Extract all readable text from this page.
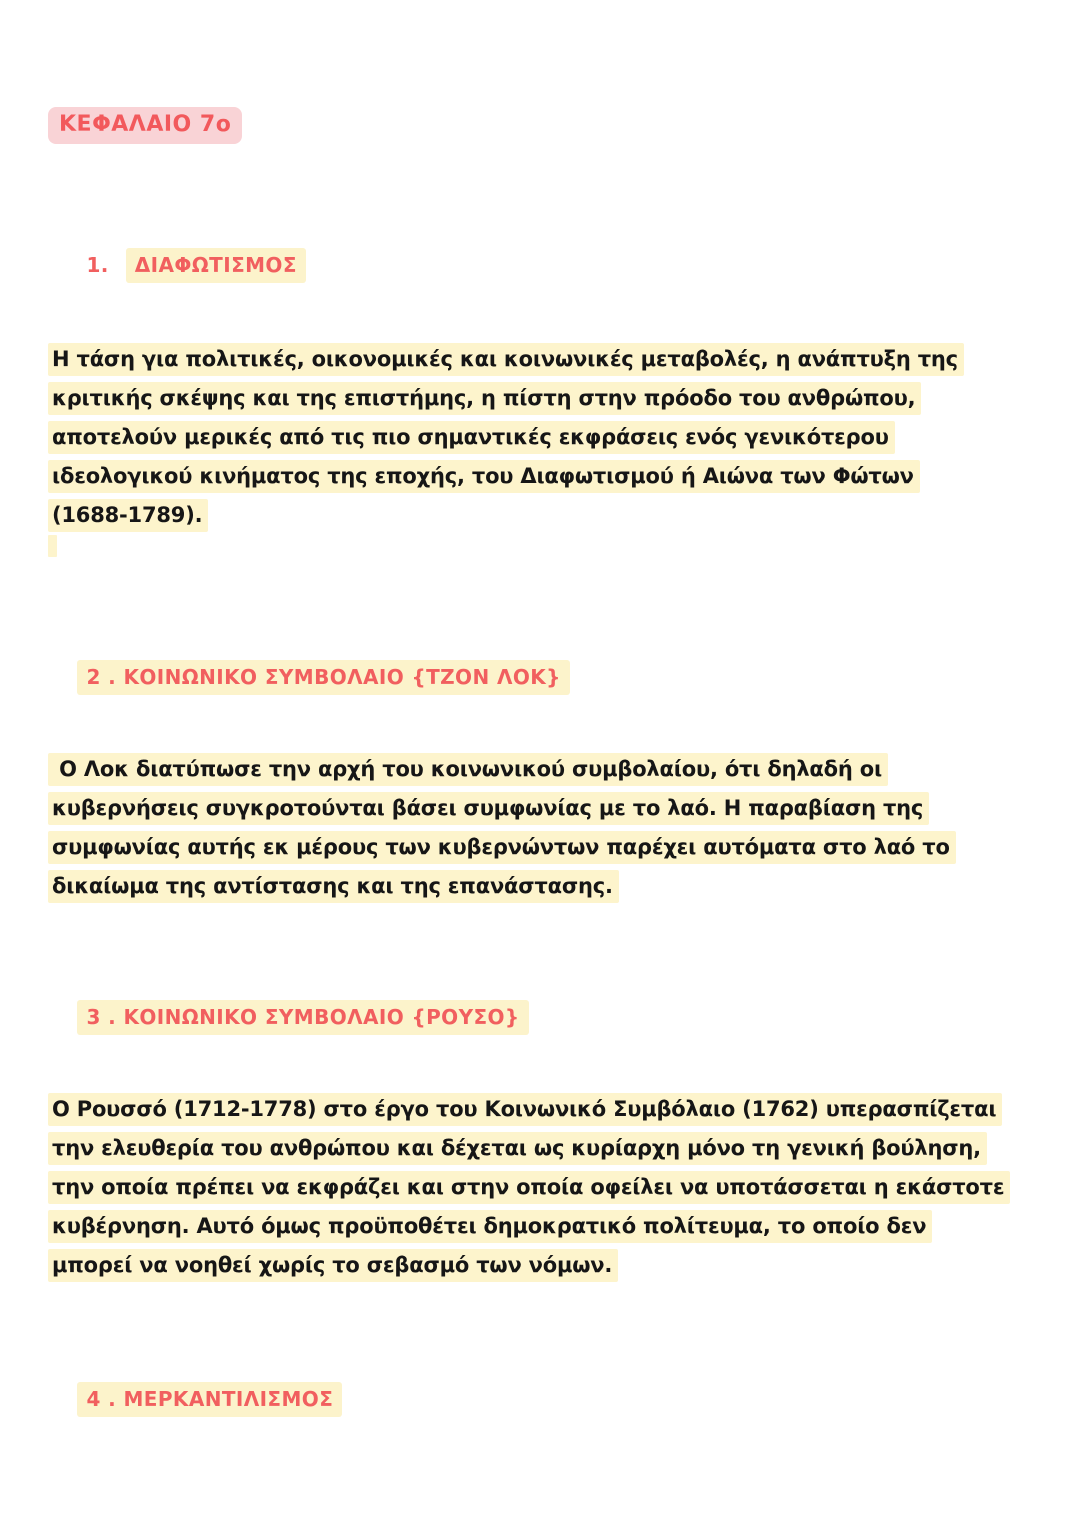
ΚΕΦΑΛΑΙΟ 7ο

1. ΔΙΑΦΩΤΙΣΜΟΣ

Η τάση για πολιτικές, οικονομικές και κοινωνικές μεταβολές, η ανάπτυξη της
κριτικής σκέψης και της επιστήμης, η πίστη στην πρόοδο του ανθρώπου,
αποτελούν μερικές από τις πιο σημαντικές εκφράσεις ενός γενικότερου
ιδεολογικού κινήματος της εποχής, του Διαφωτισμού ή Αιώνα των Φώτων
(1688-1789).

2 . ΚΟΙΝΩΝΙΚΟ ΣΥΜΒΟΛΑΙΟ {ΤΖΟΝ ΛΟΚ}

Ο Λοκ διατύπωσε την αρχή του κοινωνικού συμβολαίου, ότι δηλαδή οι
κυβερνήσεις συγκροτούνται βάσει συμφωνίας με το λαό. Η παραβίαση της
συμφωνίας αυτής εκ μέρους των κυβερνώντων παρέχει αυτόματα στο λαό το
δικαίωμα της αντίστασης και της επανάστασης.

3 . ΚΟΙΝΩΝΙΚΟ ΣΥΜΒΟΛΑΙΟ {ΡΟΥΣΟ}

Ο Ρουσσό (1712-1778) στο έργο του Κοινωνικό Συμβόλαιο (1762) υπερασπίζεται
την ελευθερία του ανθρώπου και δέχεται ως κυρίαρχη μόνο τη γενική βούληση,
την οποία πρέπει να εκφράζει και στην οποία οφείλει να υποτάσσεται η εκάστοτε
κυβέρνηση. Αυτό όμως προϋποθέτει δημοκρατικό πολίτευμα, το οποίο δεν
μπορεί να νοηθεί χωρίς το σεβασμό των νόμων.

4 . ΜΕΡΚΑΝΤΙΛΙΣΜΟΣ
